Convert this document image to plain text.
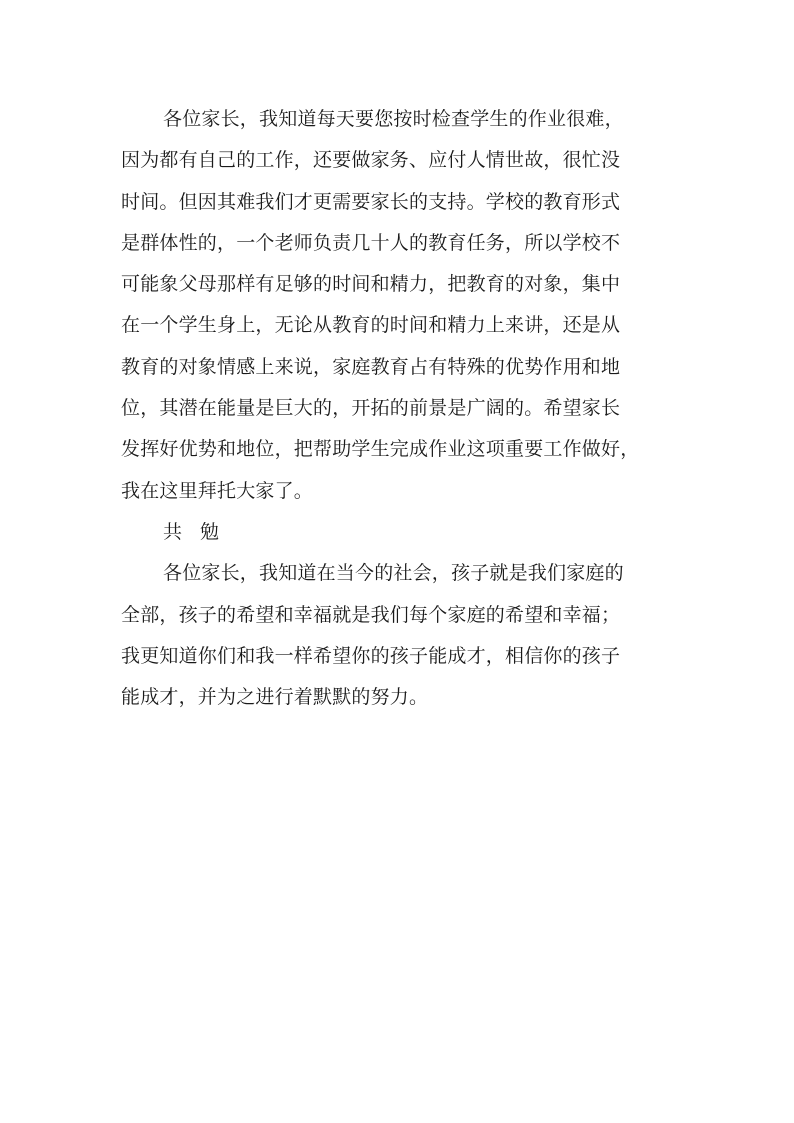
各位家长，我知道每天要您按时检查学生的作业很难，
因为都有自己的工作，还要做家务、应付人情世故，很忙没
时间。但因其难我们才更需要家长的支持。学校的教育形式
是群体性的，一个老师负责几十人的教育任务，所以学校不
可能象父母那样有足够的时间和精力，把教育的对象，集中
在一个学生身上，无论从教育的时间和精力上来讲，还是从
教育的对象情感上来说，家庭教育占有特殊的优势作用和地
位，其潜在能量是巨大的，开拓的前景是广阔的。希望家长
发挥好优势和地位，把帮助学生完成作业这项重要工作做好，
我在这里拜托大家了。
共 勉
各位家长，我知道在当今的社会，孩子就是我们家庭的
全部，孩子的希望和幸福就是我们每个家庭的希望和幸福；
我更知道你们和我一样希望你的孩子能成才，相信你的孩子
能成才，并为之进行着默默的努力。
